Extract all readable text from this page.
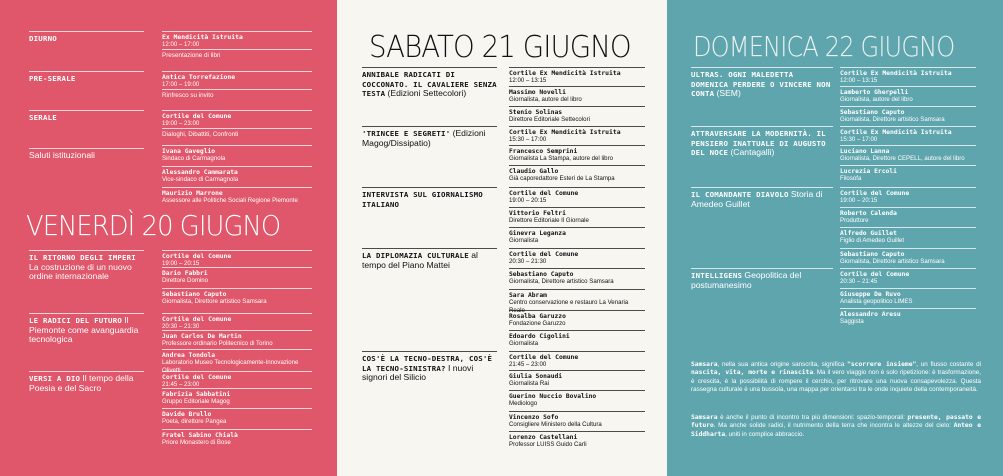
DIURNO	Ex Mendicità Istruita
12:00 – 17:00
Presentazione di libri
PRE-SERALE	Antica Torrefazione
17:00 – 19:00
Rinfresco su invito
SERALE	Cortile del Comune
19:00 – 23:00
Dialoghi, Dibattiti, Confronti
Saluti istituzionali	Ivana Gaveglio
Sindaco di Carmagnola
Alessandro Cammarata
Vice-sindaco di Carmagnola
Maurizio Marrone
Assessore alle Politiche Sociali Regione Piemonte
VENERDÌ 20 GIUGNO
IL RITORNO DEGLI IMPERI La costruzione di un nuovo ordine internazionale
Cortile del Comune
19:00 – 20:15
Dario Fabbri
Direttore Domino
Sebastiano Caputo
Giornalista, Direttore artistico Samsara
LE RADICI DEL FUTURO Il Piemonte come avanguardia tecnologica
Cortile del Comune
20:30 – 21:30
Juan Carlos De Martin
Professore ordinario Politecnico di Torino
Andrea Tondola
Laboratorio Museo Tecnologicamente-Innovazione Olivetti
VERSI A DIO Il tempo della Poesia e del Sacro
Cortile del Comune
21:45 – 23:00
Fabrizia Sabbatini
Gruppo Editoriale Magog
Davide Brullo
Poeta, direttore Pangea
Fratel Sabino Chialà
Priore Monastero di Bose
SABATO 21 GIUGNO
ANNIBALE RADICATI DI COCCONATO. IL CAVALIERE SENZA TESTA (Edizioni Settecolori)
Cortile Ex Mendicità Istruita
12:00 – 13:15
Massimo Novelli
Giornalista, autore del libro
Stenio Solinas
Direttore Editoriale Settecolori
'TRINCEE E SEGRETI' (Edizioni Magog/Dissipatio)
Cortile Ex Mendicità Istruita
15:30 – 17:00
Francesco Semprini
Giornalista La Stampa, autore del libro
Claudio Gallo
Già caporedattore Esteri de La Stampa
INTERVISTA SUL GIORNALISMO ITALIANO
Cortile del Comune
19:00 – 20:15
Vittorio Feltri
Direttore Editoriale Il Giornale
Ginevra Leganza
Giornalista
LA DIPLOMAZIA CULTURALE al tempo del Piano Mattei
Cortile del Comune
20:30 – 21:30
Sebastiano Caputo
Giornalista, Direttore artistico Samsara
Sara Abram
Centro conservazione e restauro La Venaria Reale
Rosalba Garuzzo
Fondazione Garuzzo
Edoardo Cigolini
Giornalista
COS'È LA TECNO-DESTRA, COS'È LA TECNO-SINISTRA? I nuovi signori del Silicio
Cortile del Comune
21:45 – 23:00
Giulia Sonaudi
Giornalista Rai
Guerino Nuccio Bovalino
Mediologo
Vincenzo Sofo
Consigliere Ministero della Cultura
Lorenzo Castellani
Professor LUISS Guido Carli
DOMENICA 22 GIUGNO
ULTRAS. OGNI MALEDETTA DOMENICA PERDERE O VINCERE NON CONTA (SEM)
Cortile Ex Mendicità Istruita
12:00 – 13:15
Lamberto Gherpelli
Giornalista, autore del libro
Sebastiano Caputo
Giornalista, Direttore artistico Samsara
ATTRAVERSARE LA MODERNITÀ. IL PENSIERO INATTUALE DI AUGUSTO DEL NOCE (Cantagalli)
Cortile Ex Mendicità Istruita
15:30 – 17:00
Luciano Lanna
Giornalista, Direttore CEPELL, autore del libro
Lucrezia Ercoli
Filosofa
IL COMANDANTE DIAVOLO Storia di Amedeo Guillet
Cortile del Comune
19:00 – 20:15
Roberto Calenda
Produttore
Alfredo Guillet
Figlio di Amedeo Guillet
Sebastiano Caputo
Giornalista, Direttore artistico Samsara
INTELLIGENS Geopolitica del postumanesimo
Cortile del Comune
20:30 – 21:45
Giuseppe De Ruvo
Analista geopolitico LIMES
Alessandro Aresu
Saggista
Samsara, nella sua antica origine sanscrita, significa "scorrere insieme", un flusso costante di nascita, vita, morte e rinascita. Ma il vero viaggio non è solo ripetizione: è trasformazione, è crescita, è la possibilità di rompere il cerchio, per ritrovare una nuova consapevolezza. Questa rassegna culturale è una bussola, una mappa per orientarsi tra le onde inquiete della contemporaneità.
Samsara è anche il punto di incontro tra più dimensioni: spazio-temporali: presente, passato e futuro. Ma anche solide radici, il nutrimento della terra che incontra le altezze del cielo: Anteo e Siddharta, uniti in complice abbraccio.
